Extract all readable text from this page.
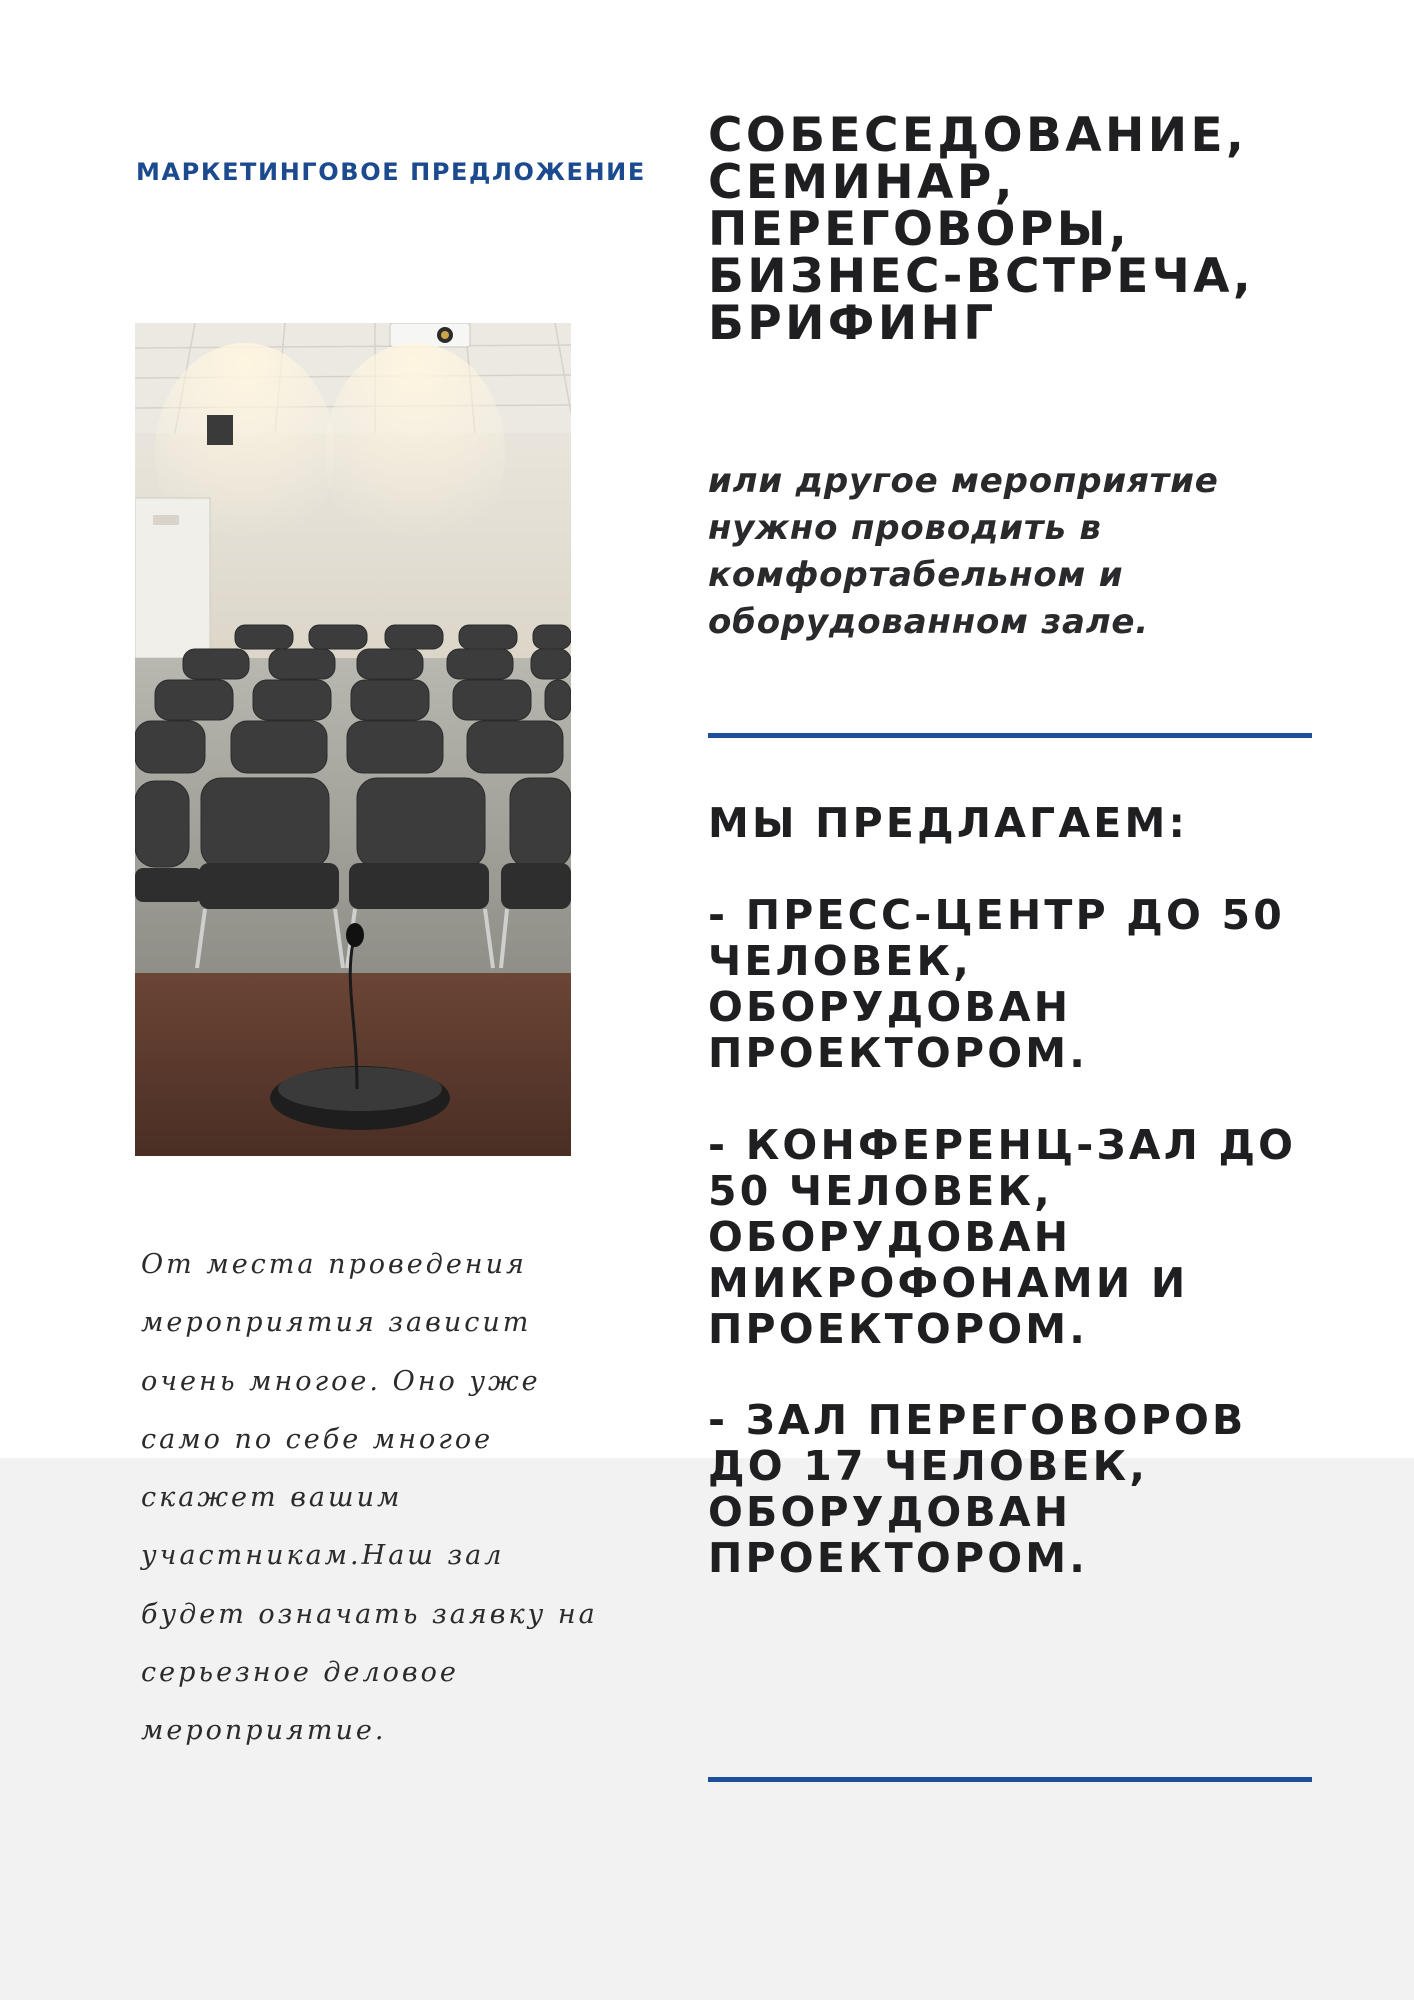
МАРКЕТИНГОВОЕ ПРЕДЛОЖЕНИЕ
СОБЕСЕДОВАНИЕ,
СЕМИНАР,
ПЕРЕГОВОРЫ,
БИЗНЕС-ВСТРЕЧА,
БРИФИНГ
или другое мероприятие
нужно проводить в
комфортабельном и
оборудованном зале.
МЫ ПРЕДЛАГАЕМ:
- ПРЕСС-ЦЕНТР ДО 50
ЧЕЛОВЕК,
ОБОРУДОВАН
ПРОЕКТОРОМ.
- КОНФЕРЕНЦ-ЗАЛ ДО
50 ЧЕЛОВЕК,
ОБОРУДОВАН
МИКРОФОНАМИ И
ПРОЕКТОРОМ.
- ЗАЛ ПЕРЕГОВОРОВ
ДО 17 ЧЕЛОВЕК,
ОБОРУДОВАН
ПРОЕКТОРОМ.
От места проведения
мероприятия зависит
очень многое. Оно уже
само по себе многое
скажет вашим
участникам.Наш зал
будет означать заявку на
серьезное деловое
мероприятие.
